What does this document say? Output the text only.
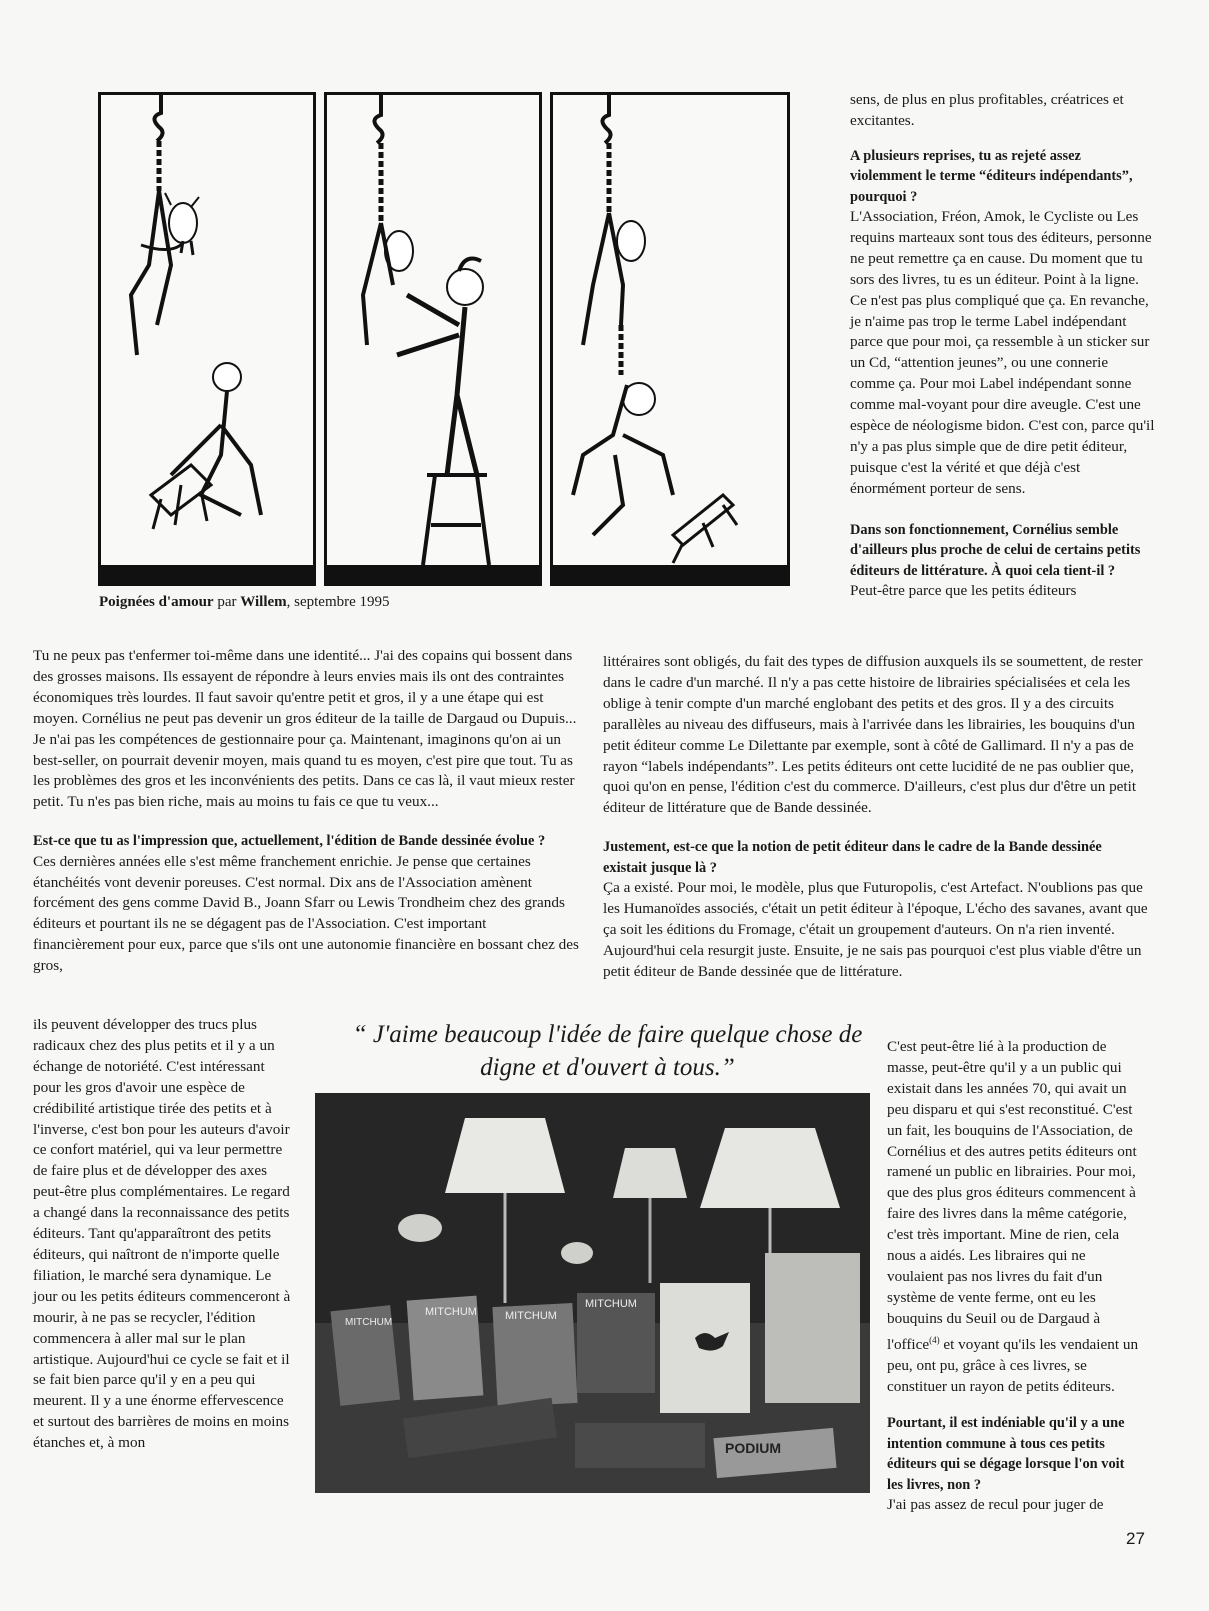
Poignées d'amour par Willem, septembre 1995

sens, de plus en plus profitables, créatrices et excitantes.

A plusieurs reprises, tu as rejeté assez violemment le terme “éditeurs indépendants”, pourquoi ?

L'Association, Fréon, Amok, le Cycliste ou Les requins marteaux sont tous des éditeurs, personne ne peut remettre ça en cause. Du moment que tu sors des livres, tu es un éditeur. Point à la ligne. Ce n'est pas plus compliqué que ça. En revanche, je n'aime pas trop le terme Label indépendant parce que pour moi, ça ressemble à un sticker sur un Cd, “attention jeunes”, ou une connerie comme ça. Pour moi Label indépendant sonne comme mal-voyant pour dire aveugle. C'est une espèce de néologisme bidon. C'est con, parce qu'il n'y a pas plus simple que de dire petit éditeur, puisque c'est la vérité et que déjà c'est énormément porteur de sens.

Dans son fonctionnement, Cornélius semble d'ailleurs plus proche de celui de certains petits éditeurs de littérature. À quoi cela tient-il ?

Peut-être parce que les petits éditeurs

Tu ne peux pas t'enfermer toi-même dans une identité... J'ai des copains qui bossent dans des grosses maisons. Ils essayent de répondre à leurs envies mais ils ont des contraintes économiques très lourdes. Il faut savoir qu'entre petit et gros, il y a une étape qui est moyen. Cornélius ne peut pas devenir un gros éditeur de la taille de Dargaud ou Dupuis... Je n'ai pas les compétences de gestionnaire pour ça. Maintenant, imaginons qu'on ai un best-seller, on pourrait devenir moyen, mais quand tu es moyen, c'est pire que tout. Tu as les problèmes des gros et les inconvénients des petits. Dans ce cas là, il vaut mieux rester petit. Tu n'es pas bien riche, mais au moins tu fais ce que tu veux...

Est-ce que tu as l'impression que, actuellement, l'édition de Bande dessinée évolue ?

Ces dernières années elle s'est même franchement enrichie. Je pense que certaines étanchéités vont devenir poreuses. C'est normal. Dix ans de l'Association amènent forcément des gens comme David B., Joann Sfarr ou Lewis Trondheim chez des grands éditeurs et pourtant ils ne se dégagent pas de l'Association. C'est important financièrement pour eux, parce que s'ils ont une autonomie financière en bossant chez des gros,

ils peuvent développer des trucs plus radicaux chez des plus petits et il y a un échange de notoriété. C'est intéressant pour les gros d'avoir une espèce de crédibilité artistique tirée des petits et à l'inverse, c'est bon pour les auteurs d'avoir ce confort matériel, qui va leur permettre de faire plus et de développer des axes peut-être plus complémentaires. Le regard a changé dans la reconnaissance des petits éditeurs. Tant qu'apparaîtront des petits éditeurs, qui naîtront de n'importe quelle filiation, le marché sera dynamique. Le jour ou les petits éditeurs commenceront à mourir, à ne pas se recycler, l'édition commencera à aller mal sur le plan artistique. Aujourd'hui ce cycle se fait et il se fait bien parce qu'il y en a peu qui meurent. Il y a une énorme effervescence et surtout des barrières de moins en moins étanches et, à mon

littéraires sont obligés, du fait des types de diffusion auxquels ils se soumettent, de rester dans le cadre d'un marché. Il n'y a pas cette histoire de librairies spécialisées et cela les oblige à tenir compte d'un marché englobant des petits et des gros. Il y a des circuits parallèles au niveau des diffuseurs, mais à l'arrivée dans les librairies, les bouquins d'un petit éditeur comme Le Dilettante par exemple, sont à côté de Gallimard. Il n'y a pas de rayon “labels indépendants”. Les petits éditeurs ont cette lucidité de ne pas oublier que, quoi qu'on en pense, l'édition c'est du commerce. D'ailleurs, c'est plus dur d'être un petit éditeur de littérature que de Bande dessinée.

Justement, est-ce que la notion de petit éditeur dans le cadre de la Bande dessinée existait jusque là ?

Ça a existé. Pour moi, le modèle, plus que Futuropolis, c'est Artefact. N'oublions pas que les Humanoïdes associés, c'était un petit éditeur à l'époque, L'écho des savanes, avant que ça soit les éditions du Fromage, c'était un groupement d'auteurs. On n'a rien inventé. Aujourd'hui cela resurgit juste. Ensuite, je ne sais pas pourquoi c'est plus viable d'être un petit éditeur de Bande dessinée que de littérature.

C'est peut-être lié à la production de masse, peut-être qu'il y a un public qui existait dans les années 70, qui avait un peu disparu et qui s'est reconstitué. C'est un fait, les bouquins de l'Association, de Cornélius et des autres petits éditeurs ont ramené un public en librairies. Pour moi, que des plus gros éditeurs commencent à faire des livres dans la même catégorie, c'est très important. Mine de rien, cela nous a aidés. Les libraires qui ne voulaient pas nos livres du fait d'un système de vente ferme, ont eu les bouquins du Seuil ou de Dargaud à l'office$^{(4)}$ et voyant qu'ils les vendaient un peu, ont pu, grâce à ces livres, se constituer un rayon de petits éditeurs.

Pourtant, il est indéniable qu'il y a une intention commune à tous ces petits éditeurs qui se dégage lorsque l'on voit les livres, non ?

J'ai pas assez de recul pour juger de

“ J'aime beaucoup l'idée de faire quelque chose de digne et d'ouvert à tous.”
MITCHUM	MITCHUM
MITCHUM
MITCHUM
PODIUM
27
